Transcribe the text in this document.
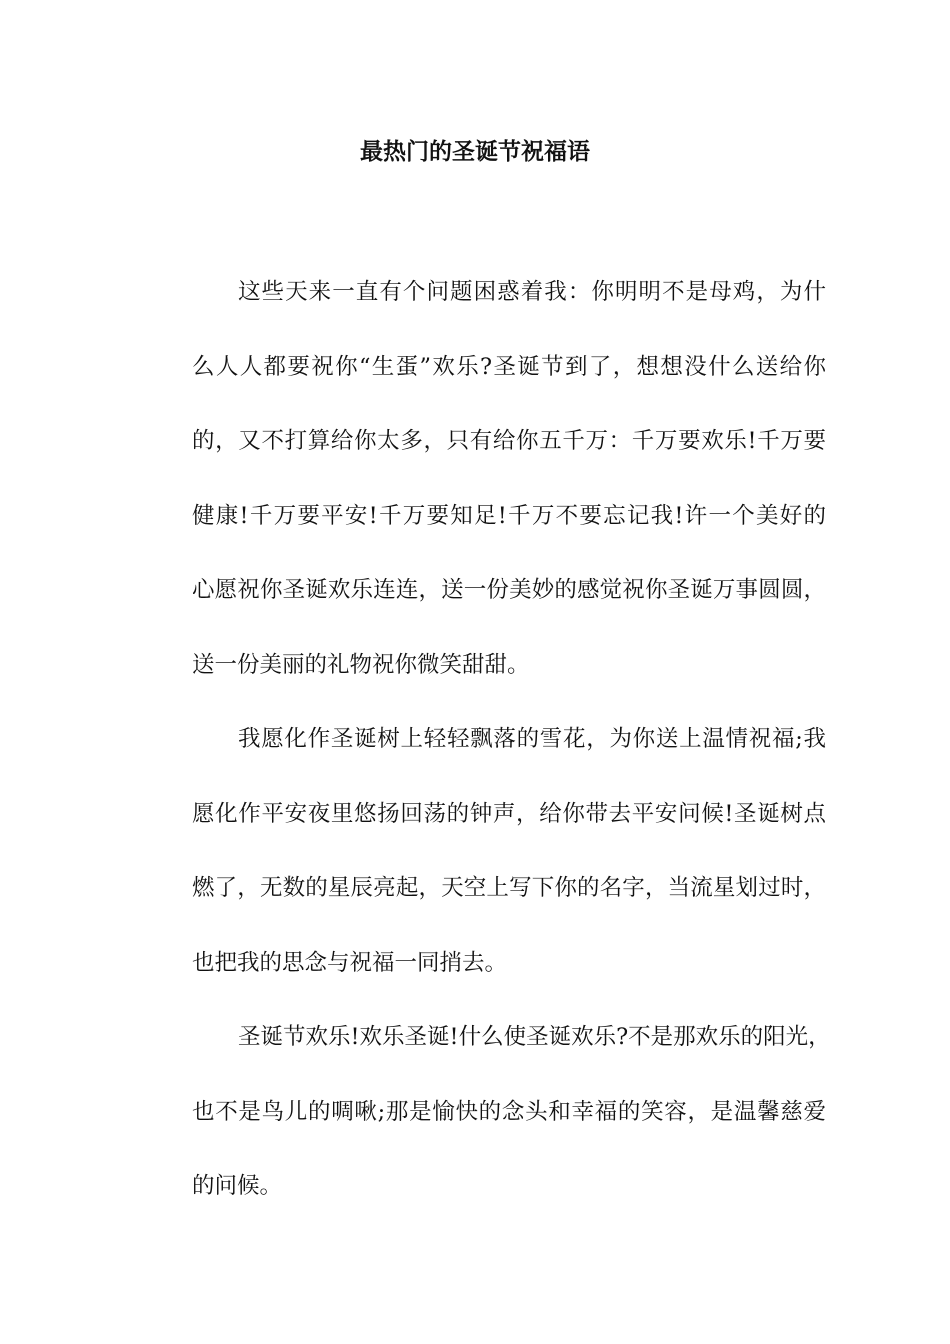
最热门的圣诞节祝福语
这些天来一直有个问题困惑着我：你明明不是母鸡，为什
么人人都要祝你“生蛋”欢乐?圣诞节到了，想想没什么送给你
的，又不打算给你太多，只有给你五千万：千万要欢乐!千万要
健康!千万要平安!千万要知足!千万不要忘记我!许一个美好的
心愿祝你圣诞欢乐连连，送一份美妙的感觉祝你圣诞万事圆圆，
送一份美丽的礼物祝你微笑甜甜。
我愿化作圣诞树上轻轻飘落的雪花，为你送上温情祝福;我
愿化作平安夜里悠扬回荡的钟声，给你带去平安问候!圣诞树点
燃了，无数的星辰亮起，天空上写下你的名字，当流星划过时，
也把我的思念与祝福一同捎去。
圣诞节欢乐!欢乐圣诞!什么使圣诞欢乐?不是那欢乐的阳光，
也不是鸟儿的啁啾;那是愉快的念头和幸福的笑容，是温馨慈爱
的问候。
